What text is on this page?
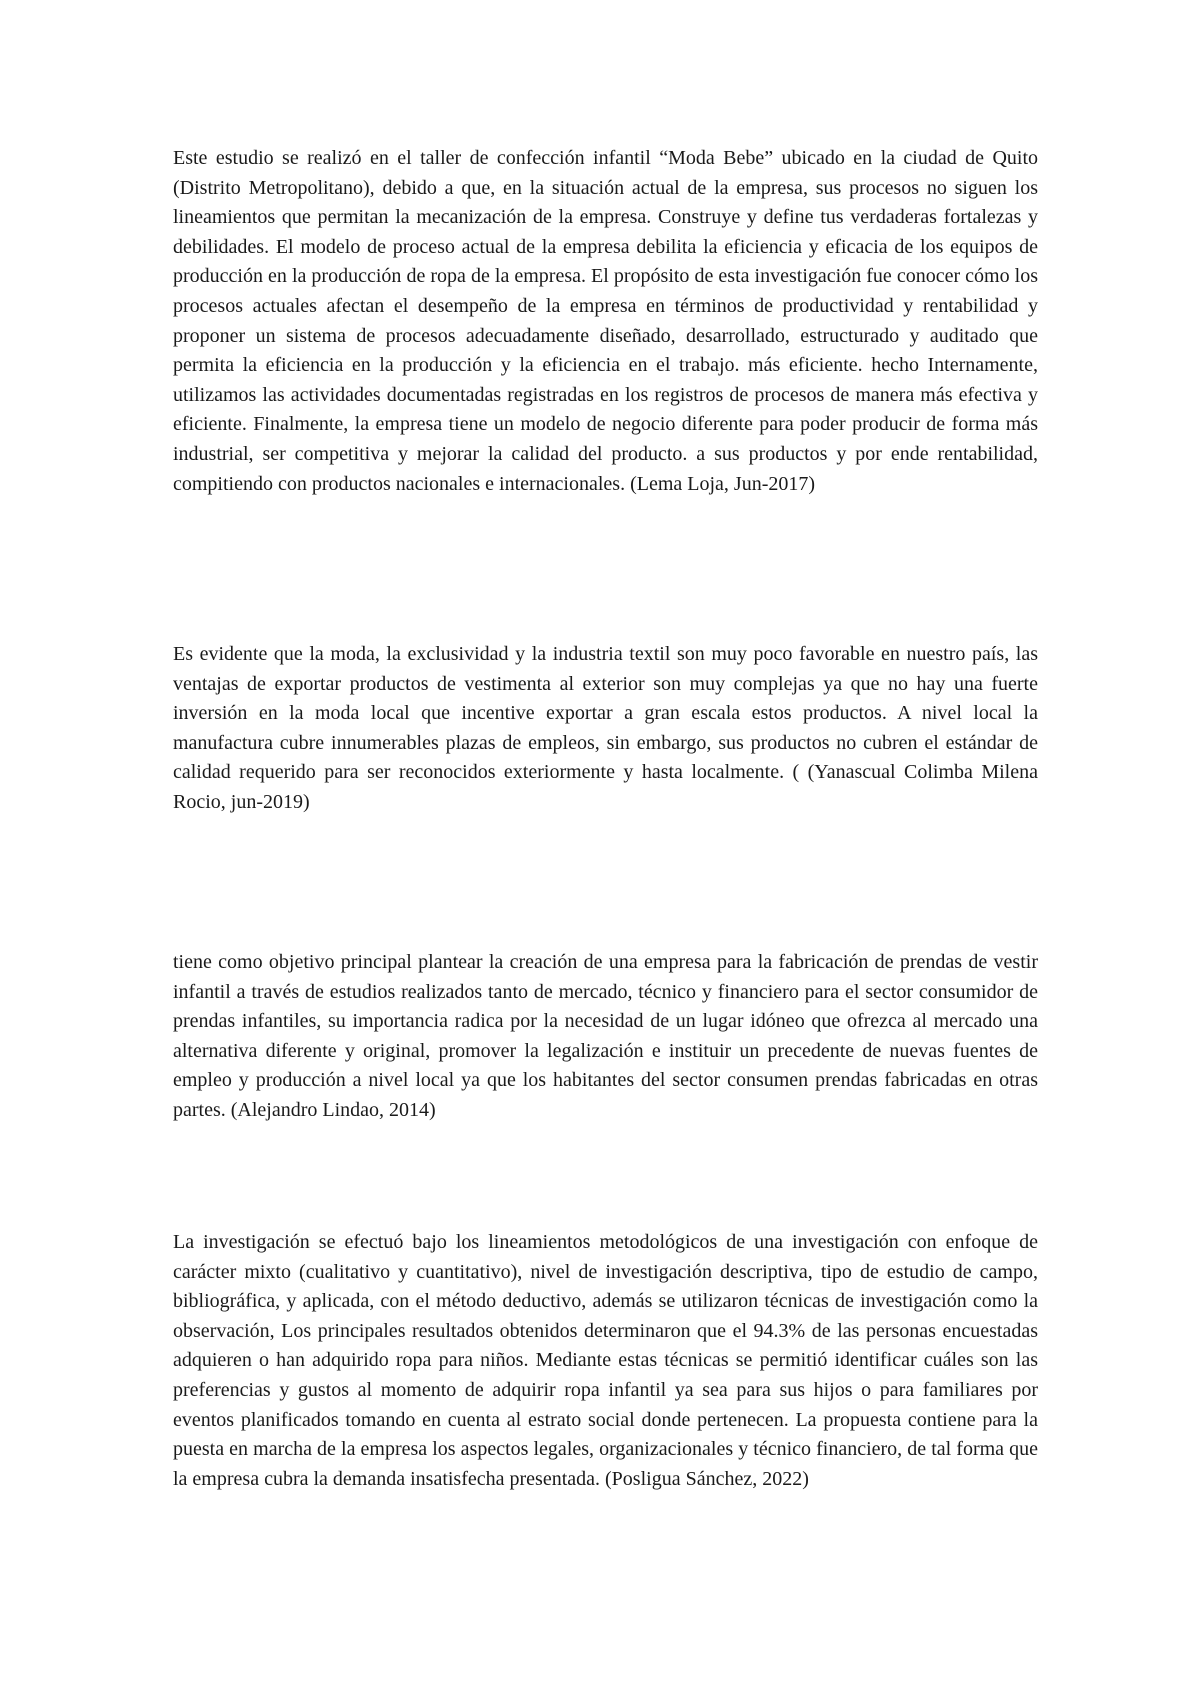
Este estudio se realizó en el taller de confección infantil “Moda Bebe” ubicado en la ciudad de Quito (Distrito Metropolitano), debido a que, en la situación actual de la empresa, sus procesos no siguen los lineamientos que permitan la mecanización de la empresa. Construye y define tus verdaderas fortalezas y debilidades. El modelo de proceso actual de la empresa debilita la eficiencia y eficacia de los equipos de producción en la producción de ropa de la empresa. El propósito de esta investigación fue conocer cómo los procesos actuales afectan el desempeño de la empresa en términos de productividad y rentabilidad y proponer un sistema de procesos adecuadamente diseñado, desarrollado, estructurado y auditado que permita la eficiencia en la producción y la eficiencia en el trabajo. más eficiente. hecho Internamente, utilizamos las actividades documentadas registradas en los registros de procesos de manera más efectiva y eficiente. Finalmente, la empresa tiene un modelo de negocio diferente para poder producir de forma más industrial, ser competitiva y mejorar la calidad del producto. a sus productos y por ende rentabilidad, compitiendo con productos nacionales e internacionales. (Lema Loja, Jun-2017)

Es evidente que la moda, la exclusividad y la industria textil son muy poco favorable en nuestro país, las ventajas de exportar productos de vestimenta al exterior son muy complejas ya que no hay una fuerte inversión en la moda local que incentive exportar a gran escala estos productos. A nivel local la manufactura cubre innumerables plazas de empleos, sin embargo, sus productos no cubren el estándar de calidad requerido para ser reconocidos exteriormente y hasta localmente. ( (Yanascual Colimba Milena Rocio, jun-2019)

tiene como objetivo principal plantear la creación de una empresa para la fabricación de prendas de vestir infantil a través de estudios realizados tanto de mercado, técnico y financiero para el sector consumidor de prendas infantiles, su importancia radica por la necesidad de un lugar idóneo que ofrezca al mercado una alternativa diferente y original, promover la legalización e instituir un precedente de nuevas fuentes de empleo y producción a nivel local ya que los habitantes del sector consumen prendas fabricadas en otras partes. (Alejandro Lindao, 2014)

La investigación se efectuó bajo los lineamientos metodológicos de una investigación con enfoque de carácter mixto (cualitativo y cuantitativo), nivel de investigación descriptiva, tipo de estudio de campo, bibliográfica, y aplicada, con el método deductivo, además se utilizaron técnicas de investigación como la observación, Los principales resultados obtenidos determinaron que el 94.3% de las personas encuestadas adquieren o han adquirido ropa para niños. Mediante estas técnicas se permitió identificar cuáles son las preferencias y gustos al momento de adquirir ropa infantil ya sea para sus hijos o para familiares por eventos planificados tomando en cuenta al estrato social donde pertenecen. La propuesta contiene para la puesta en marcha de la empresa los aspectos legales, organizacionales y técnico financiero, de tal forma que la empresa cubra la demanda insatisfecha presentada. (Posligua Sánchez, 2022)
